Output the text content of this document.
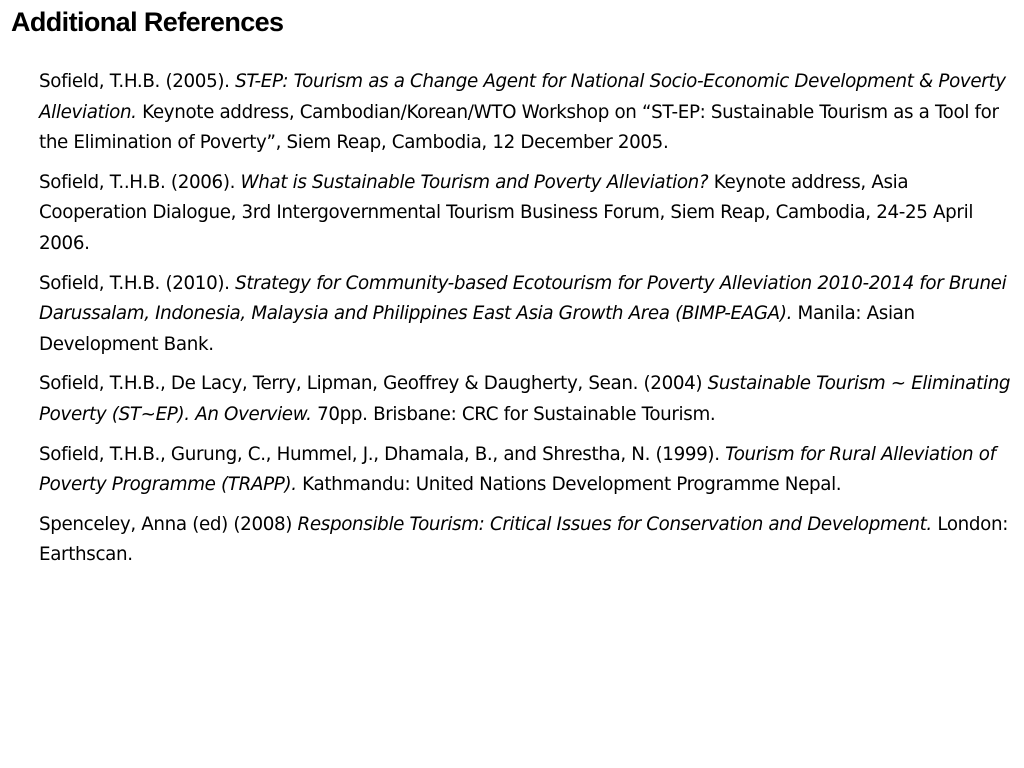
Additional References
Sofield, T.H.B. (2005). ST-EP: Tourism as a Change Agent for National Socio-Economic Development & Poverty Alleviation. Keynote address, Cambodian/Korean/WTO Workshop on “ST-EP: Sustainable Tourism as a Tool for the Elimination of Poverty”, Siem Reap, Cambodia, 12 December 2005.
Sofield, T..H.B. (2006). What is Sustainable Tourism and Poverty Alleviation? Keynote address, Asia Cooperation Dialogue, 3rd Intergovernmental Tourism Business Forum, Siem Reap, Cambodia, 24-25 April 2006.
Sofield, T.H.B. (2010). Strategy for Community-based Ecotourism for Poverty Alleviation 2010-2014 for Brunei Darussalam, Indonesia, Malaysia and Philippines East Asia Growth Area (BIMP-EAGA). Manila: Asian Development Bank.
Sofield, T.H.B., De Lacy, Terry, Lipman, Geoffrey & Daugherty, Sean. (2004) Sustainable Tourism ~ Eliminating Poverty (ST~EP). An Overview. 70pp. Brisbane: CRC for Sustainable Tourism.
Sofield, T.H.B., Gurung, C., Hummel, J., Dhamala, B., and Shrestha, N. (1999). Tourism for Rural Alleviation of Poverty Programme (TRAPP). Kathmandu: United Nations Development Programme Nepal.
Spenceley, Anna (ed) (2008) Responsible Tourism: Critical Issues for Conservation and Development. London: Earthscan.
